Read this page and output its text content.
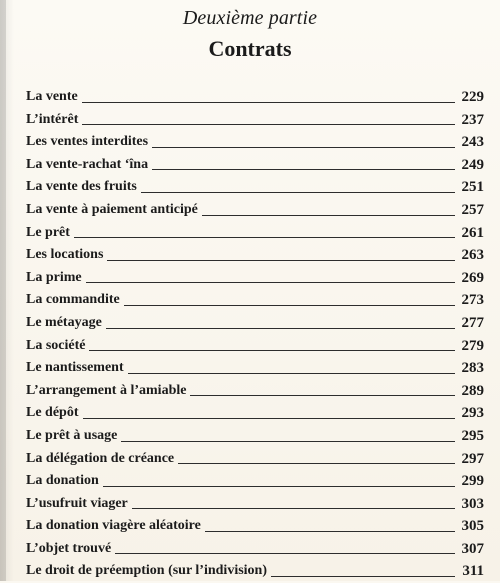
Deuxième partie
Contrats
La vente	229
L’intérêt	237
Les ventes interdites	243
La vente-rachat ‘îna	249
La vente des fruits	251
La vente à paiement anticipé	257
Le prêt	261
Les locations	263
La prime	269
La commandite	273
Le métayage	277
La société	279
Le nantissement	283
L’arrangement à l’amiable	289
Le dépôt	293
Le prêt à usage	295
La délégation de créance	297
La donation	299
L’usufruit viager	303
La donation viagère aléatoire	305
L’objet trouvé	307
Le droit de préemption (sur l’indivision)	311
